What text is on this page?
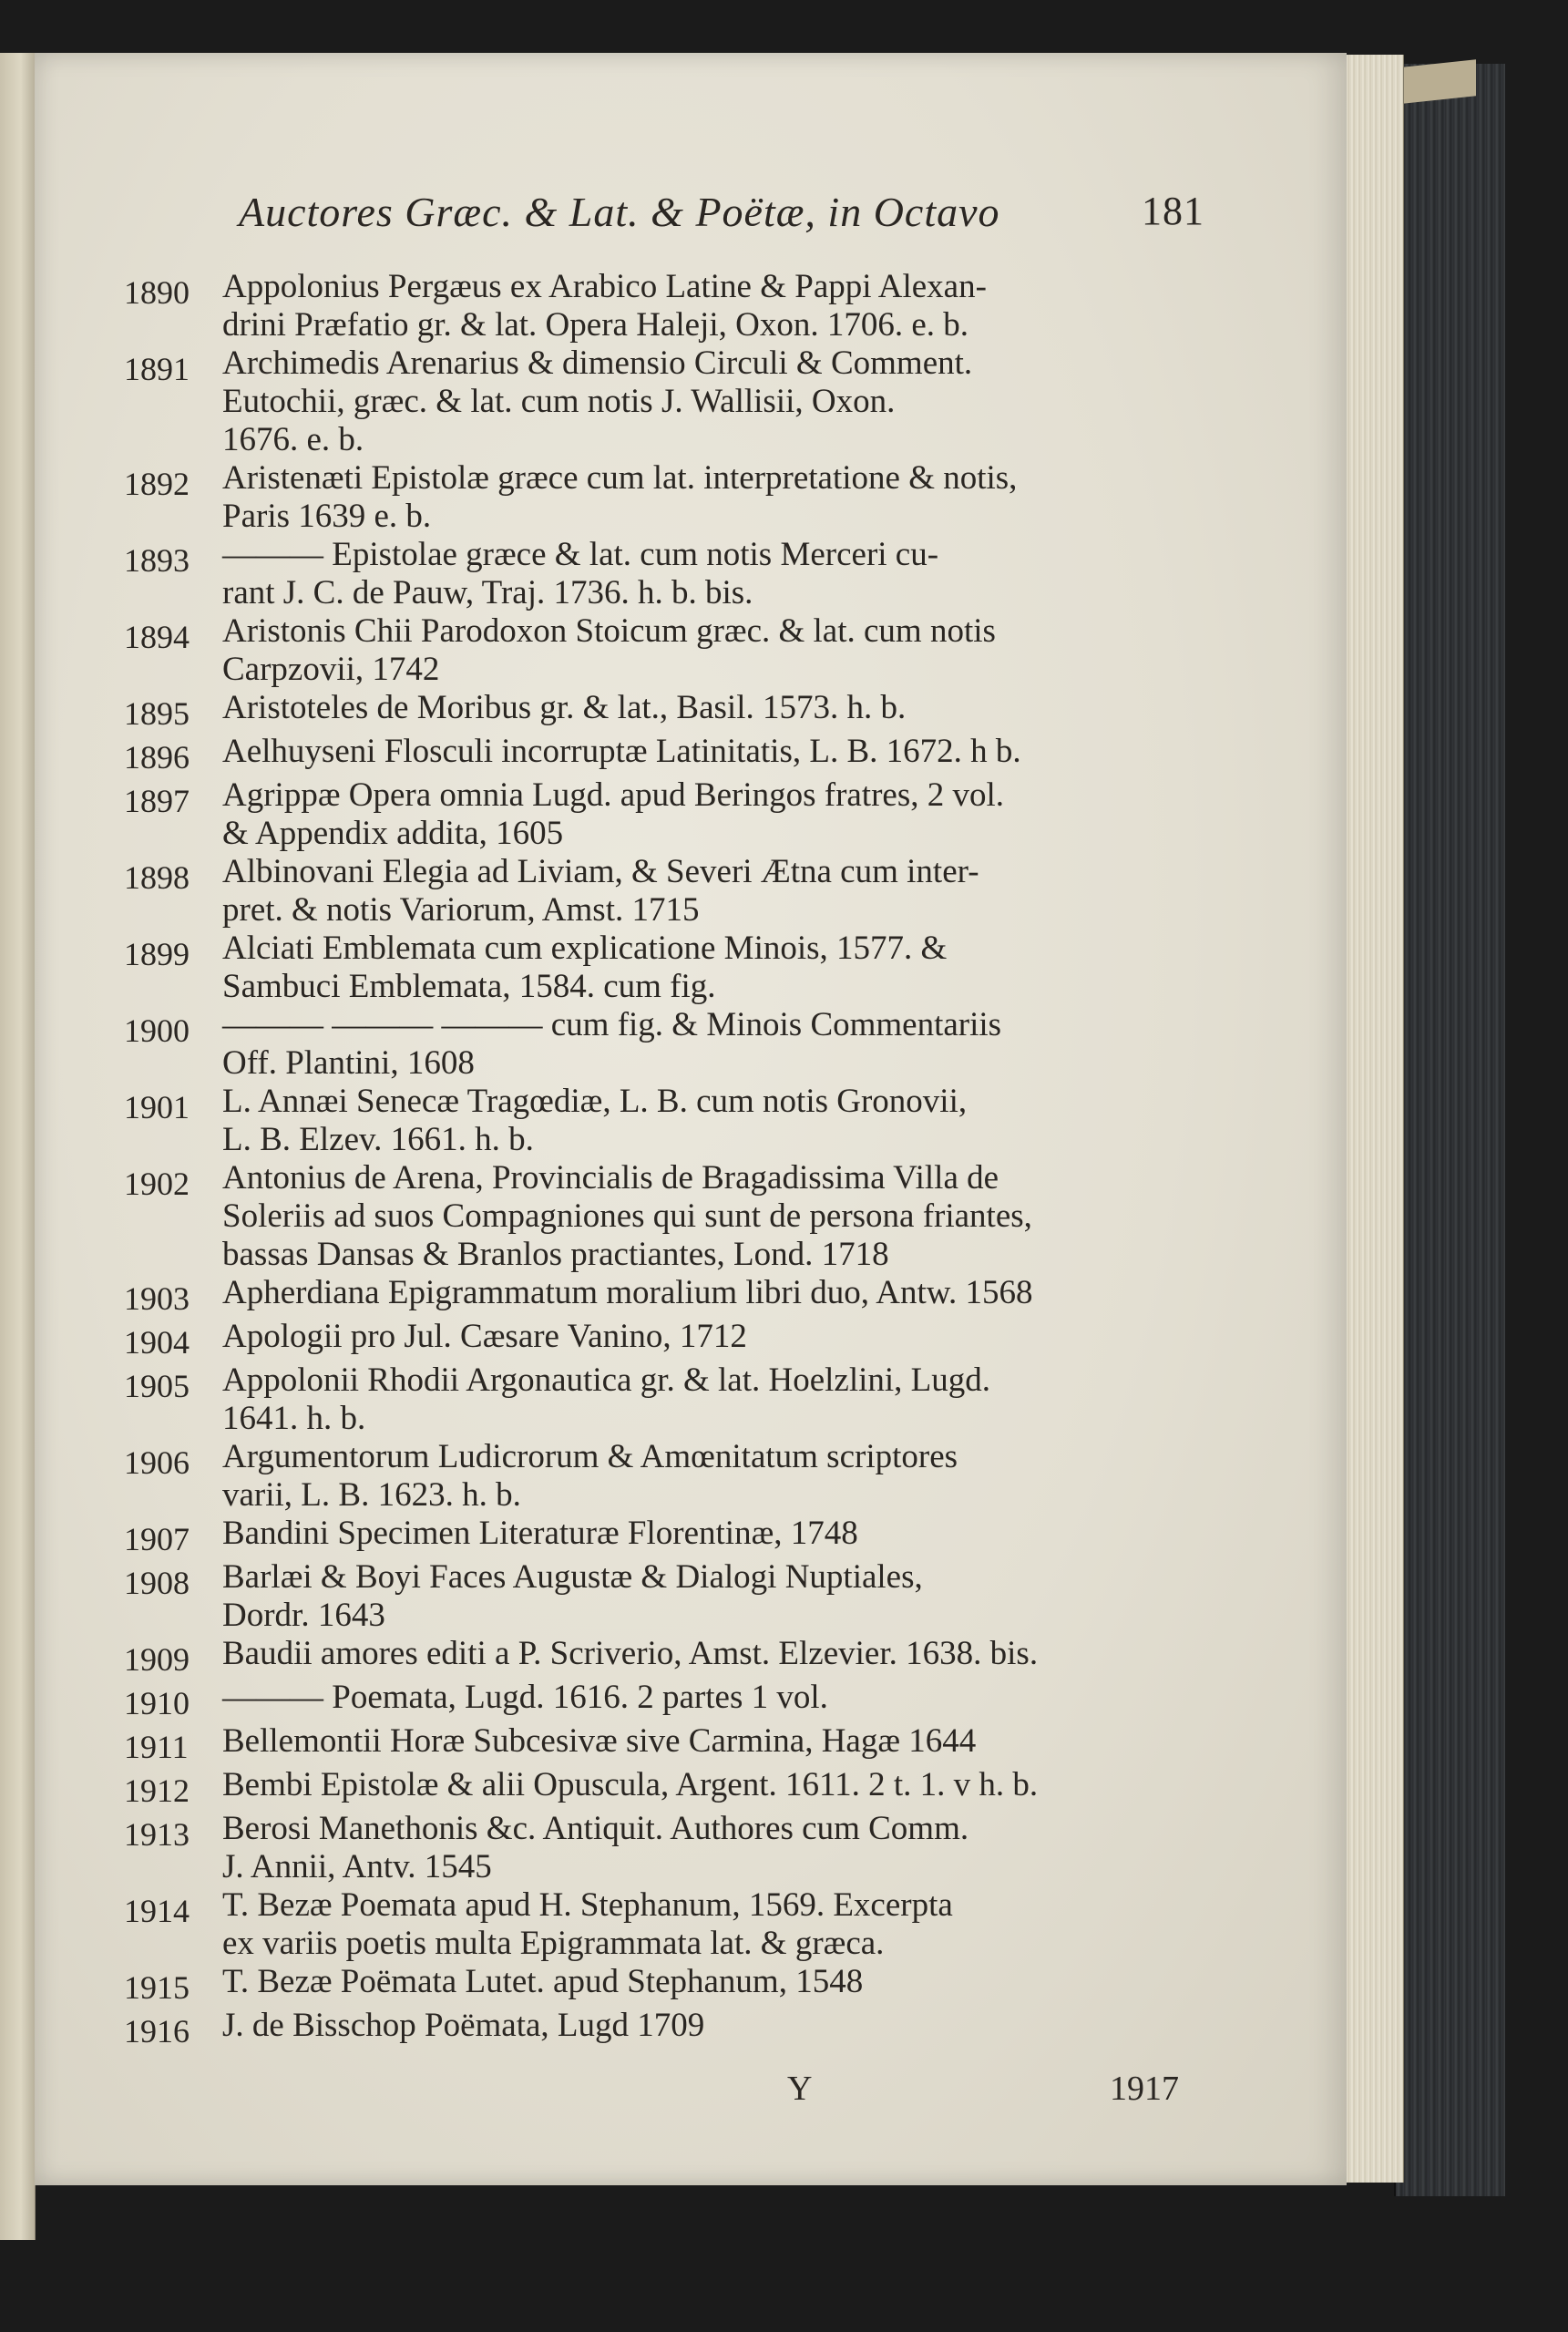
Auctores Græc. & Lat. & Poëtæ, in Octavo	181
1890 Appolonius Pergæus ex Arabico Latine & Pappi Alexan-
drini Præfatio gr. & lat. Opera Haleji, Oxon. 1706. e. b.
1891 Archimedis Arenarius & dimensio Circuli & Comment.
Eutochii, græc. & lat. cum notis J. Wallisii, Oxon.
1676. e. b.
1892 Aristenæti Epistolæ græce cum lat. interpretatione & notis,
Paris 1639 e. b.
1893 ——— Epistolae græce & lat. cum notis Merceri cu-
rant J. C. de Pauw, Traj. 1736. h. b. bis.
1894 Aristonis Chii Parodoxon Stoicum græc. & lat. cum notis
Carpzovii, 1742
1895 Aristoteles de Moribus gr. & lat., Basil. 1573. h. b.
1896 Aelhuyseni Flosculi incorruptæ Latinitatis, L. B. 1672. h b.
1897 Agrippæ Opera omnia Lugd. apud Beringos fratres, 2 vol.
& Appendix addita, 1605
1898 Albinovani Elegia ad Liviam, & Severi Ætna cum inter-
pret. & notis Variorum, Amst. 1715
1899 Alciati Emblemata cum explicatione Minois, 1577. &
Sambuci Emblemata, 1584. cum fig.
1900 ——— ——— ——— cum fig. & Minois Commentariis
Off. Plantini, 1608
1901 L. Annæi Senecæ Tragœdiæ, L. B. cum notis Gronovii,
L. B. Elzev. 1661. h. b.
1902 Antonius de Arena, Provincialis de Bragadissima Villa de
Soleriis ad suos Compagniones qui sunt de persona friantes,
bassas Dansas & Branlos practiantes, Lond. 1718
1903 Apherdiana Epigrammatum moralium libri duo, Antw. 1568
1904 Apologii pro Jul. Cæsare Vanino, 1712
1905 Appolonii Rhodii Argonautica gr. & lat. Hoelzlini, Lugd.
1641. h. b.
1906 Argumentorum Ludicrorum & Amœnitatum scriptores
varii, L. B. 1623. h. b.
1907 Bandini Specimen Literaturæ Florentinæ, 1748
1908 Barlæi & Boyi Faces Augustæ & Dialogi Nuptiales,
Dordr. 1643
1909 Baudii amores editi a P. Scriverio, Amst. Elzevier. 1638. bis.
1910 ——— Poemata, Lugd. 1616. 2 partes 1 vol.
1911	Bellemontii Horæ Subcesivæ sive Carmina, Hagæ 1644
1912 Bembi Epistolæ & alii Opuscula, Argent. 1611. 2 t. 1. v h. b.
1913 Berosi Manethonis &c. Antiquit. Authores cum Comm.
J. Annii, Antv. 1545
1914 T. Bezæ Poemata apud H. Stephanum, 1569. Excerpta
ex variis poetis multa Epigrammata lat. & græca.
1915 T. Bezæ Poëmata Lutet. apud Stephanum, 1548
1916 J. de Bisschop Poëmata, Lugd 1709
Y	1917
